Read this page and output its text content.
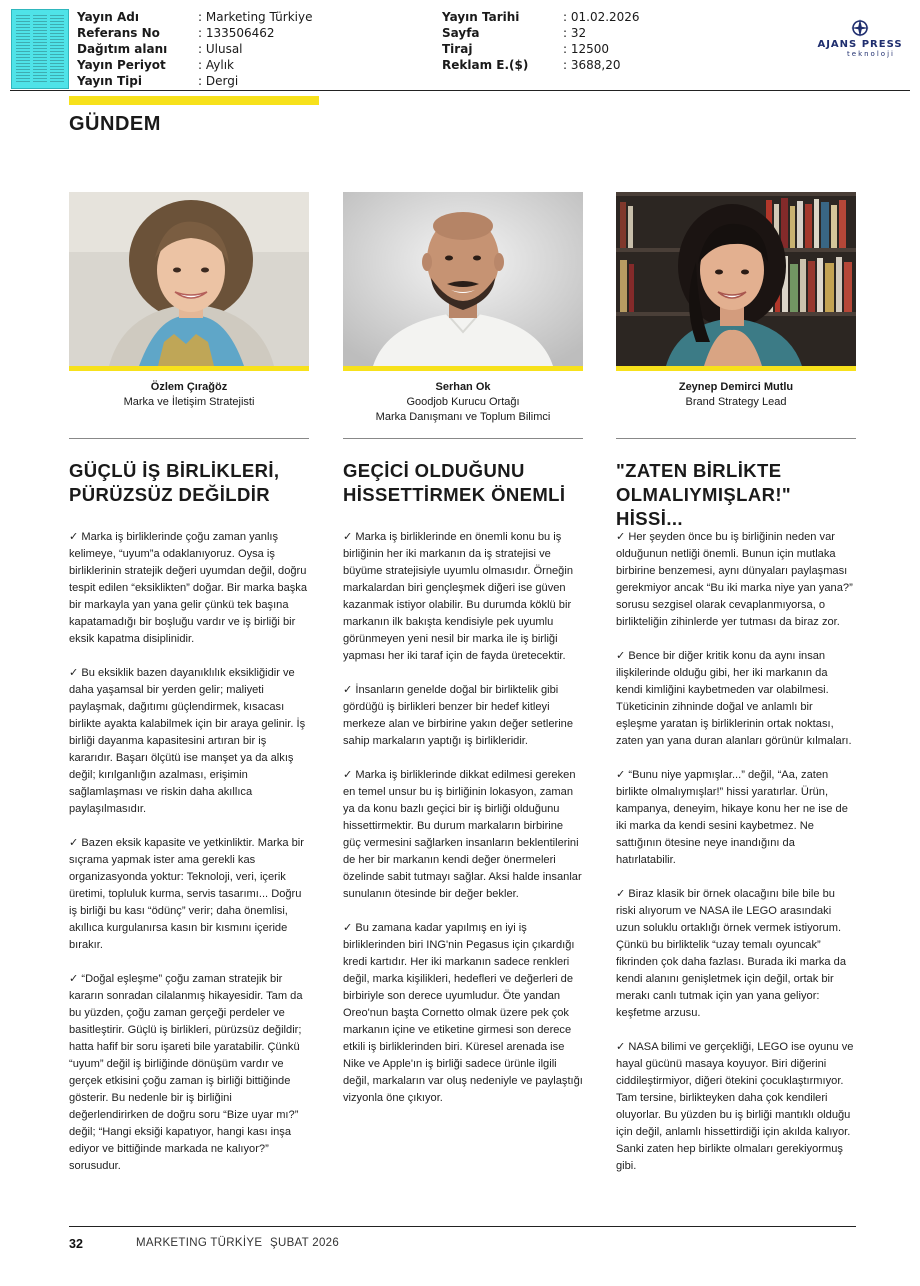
Yayın Adı	: Marketing Türkiye
Referans No	: 133506462
Dağıtım alanı	: Ulusal
Yayın Periyot	: Aylık
Yayın Tipi	: Dergi
Yayın Tarihi	: 01.02.2026
Sayfa	: 32
Tiraj	: 12500
Reklam E.($)	: 3688,20
AJANS PRESS
teknoloji
GÜNDEM
Özlem Çırağöz
Marka ve İletişim Stratejisti
GÜÇLÜ İŞ BİRLİKLERİ, PÜRÜZSÜZ DEĞİLDİR

✓ Marka iş birliklerinde çoğu zaman yanlış kelimeye, “uyum”a odaklanıyoruz. Oysa iş birliklerinin stratejik değeri uyumdan değil, doğru tespit edilen “eksiklikten” doğar. Bir marka başka bir markayla yan yana gelir çünkü tek başına kapatamadığı bir boşluğu vardır ve iş birliği bir eksik kapatma disiplinidir.

✓ Bu eksiklik bazen dayanıklılık eksikliğidir ve daha yaşamsal bir yerden gelir; maliyeti paylaşmak, dağıtımı güçlendirmek, kısacası birlikte ayakta kalabilmek için bir araya gelinir. İş birliği dayanma kapasitesini artıran bir iş kararıdır. Başarı ölçütü ise manşet ya da alkış değil; kırılganlığın azalması, erişimin sağlamlaşması ve riskin daha akıllıca paylaşılmasıdır.

✓ Bazen eksik kapasite ve yetkinliktir. Marka bir sıçrama yapmak ister ama gerekli kas organizasyonda yoktur: Teknoloji, veri, içerik üretimi, topluluk kurma, servis tasarımı... Doğru iş birliği bu kası “ödünç” verir; daha önemlisi, akıllıca kurgulanırsa kasın bir kısmını içeride bırakır.

✓ “Doğal eşleşme” çoğu zaman stratejik bir kararın sonradan cilalanmış hikayesidir. Tam da bu yüzden, çoğu zaman gerçeği perdeler ve basitleştirir. Güçlü iş birlikleri, pürüzsüz değildir; hatta hafif bir soru işareti bile yaratabilir. Çünkü “uyum” değil iş birliğinde dönüşüm vardır ve gerçek etkisini çoğu zaman iş birliği bittiğinde gösterir. Bu nedenle bir iş birliğini değerlendirirken de doğru soru “Bize uyar mı?” değil; “Hangi eksiği kapatıyor, hangi kası inşa ediyor ve bittiğinde markada ne kalıyor?” sorusudur.

Serhan Ok
Goodjob Kurucu Ortağı
Marka Danışmanı ve Toplum Bilimci
GEÇİCİ OLDUĞUNU HİSSETTİRMEK ÖNEMLİ

✓ Marka iş birliklerinde en önemli konu bu iş birliğinin her iki markanın da iş stratejisi ve büyüme stratejisiyle uyumlu olmasıdır. Örneğin markalardan biri gençleşmek diğeri ise güven kazanmak istiyor olabilir. Bu durumda köklü bir markanın ilk bakışta kendisiyle pek uyumlu görünmeyen yeni nesil bir marka ile iş birliği yapması her iki taraf için de fayda üretecektir.

✓ İnsanların genelde doğal bir birliktelik gibi gördüğü iş birlikleri benzer bir hedef kitleyi merkeze alan ve birbirine yakın değer setlerine sahip markaların yaptığı iş birlikleridir.

✓ Marka iş birliklerinde dikkat edilmesi gereken en temel unsur bu iş birliğinin lokasyon, zaman ya da konu bazlı geçici bir iş birliği olduğunu hissettirmektir. Bu durum markaların birbirine güç vermesini sağlarken insanların beklentilerini de her bir markanın kendi değer önermeleri özelinde sabit tutmayı sağlar. Aksi halde insanlar sunulanın ötesinde bir değer bekler.

✓ Bu zamana kadar yapılmış en iyi iş birliklerinden biri ING'nin Pegasus için çıkardığı kredi kartıdır. Her iki markanın sadece renkleri değil, marka kişilikleri, hedefleri ve değerleri de birbiriyle son derece uyumludur. Öte yandan Oreo'nun başta Cornetto olmak üzere pek çok markanın içine ve etiketine girmesi son derece etkili iş birliklerinden biri. Küresel arenada ise Nike ve Apple'ın iş birliği sadece ürünle ilgili değil, markaların var oluş nedeniyle ve paylaştığı vizyonla öne çıkıyor.

Zeynep Demirci Mutlu
Brand Strategy Lead
"ZATEN BİRLİKTE OLMALIYMIŞLAR!" HİSSİ...

✓ Her şeyden önce bu iş birliğinin neden var olduğunun netliği önemli. Bunun için mutlaka birbirine benzemesi, aynı dünyaları paylaşması gerekmiyor ancak “Bu iki marka niye yan yana?” sorusu sezgisel olarak cevaplanmıyorsa, o birlikteliğin zihinlerde yer tutması da biraz zor.

✓ Bence bir diğer kritik konu da aynı insan ilişkilerinde olduğu gibi, her iki markanın da kendi kimliğini kaybetmeden var olabilmesi. Tüketicinin zihninde doğal ve anlamlı bir eşleşme yaratan iş birliklerinin ortak noktası, zaten yan yana duran alanları görünür kılmaları.

✓ “Bunu niye yapmışlar...” değil, “Aa, zaten birlikte olmalıymışlar!” hissi yaratırlar. Ürün, kampanya, deneyim, hikaye konu her ne ise de iki marka da kendi sesini kaybetmez. Ne sattığının ötesine neye inandığını da hatırlatabilir.

✓ Biraz klasik bir örnek olacağını bile bile bu riski alıyorum ve NASA ile LEGO arasındaki uzun soluklu ortaklığı örnek vermek istiyorum. Çünkü bu birliktelik “uzay temalı oyuncak” fikrinden çok daha fazlası. Burada iki marka da kendi alanını genişletmek için değil, ortak bir merakı canlı tutmak için yan yana geliyor: keşfetme arzusu.

✓ NASA bilimi ve gerçekliği, LEGO ise oyunu ve hayal gücünü masaya koyuyor. Biri diğerini ciddileştirmiyor, diğeri ötekini çocuklaştırmıyor. Tam tersine, birlikteyken daha çok kendileri oluyorlar. Bu yüzden bu iş birliği mantıklı olduğu için değil, anlamlı hissettirdiği için akılda kalıyor. Sanki zaten hep birlikte olmaları gerekiyormuş gibi.

32	MARKETING TÜRKİYE ŞUBAT 2026
